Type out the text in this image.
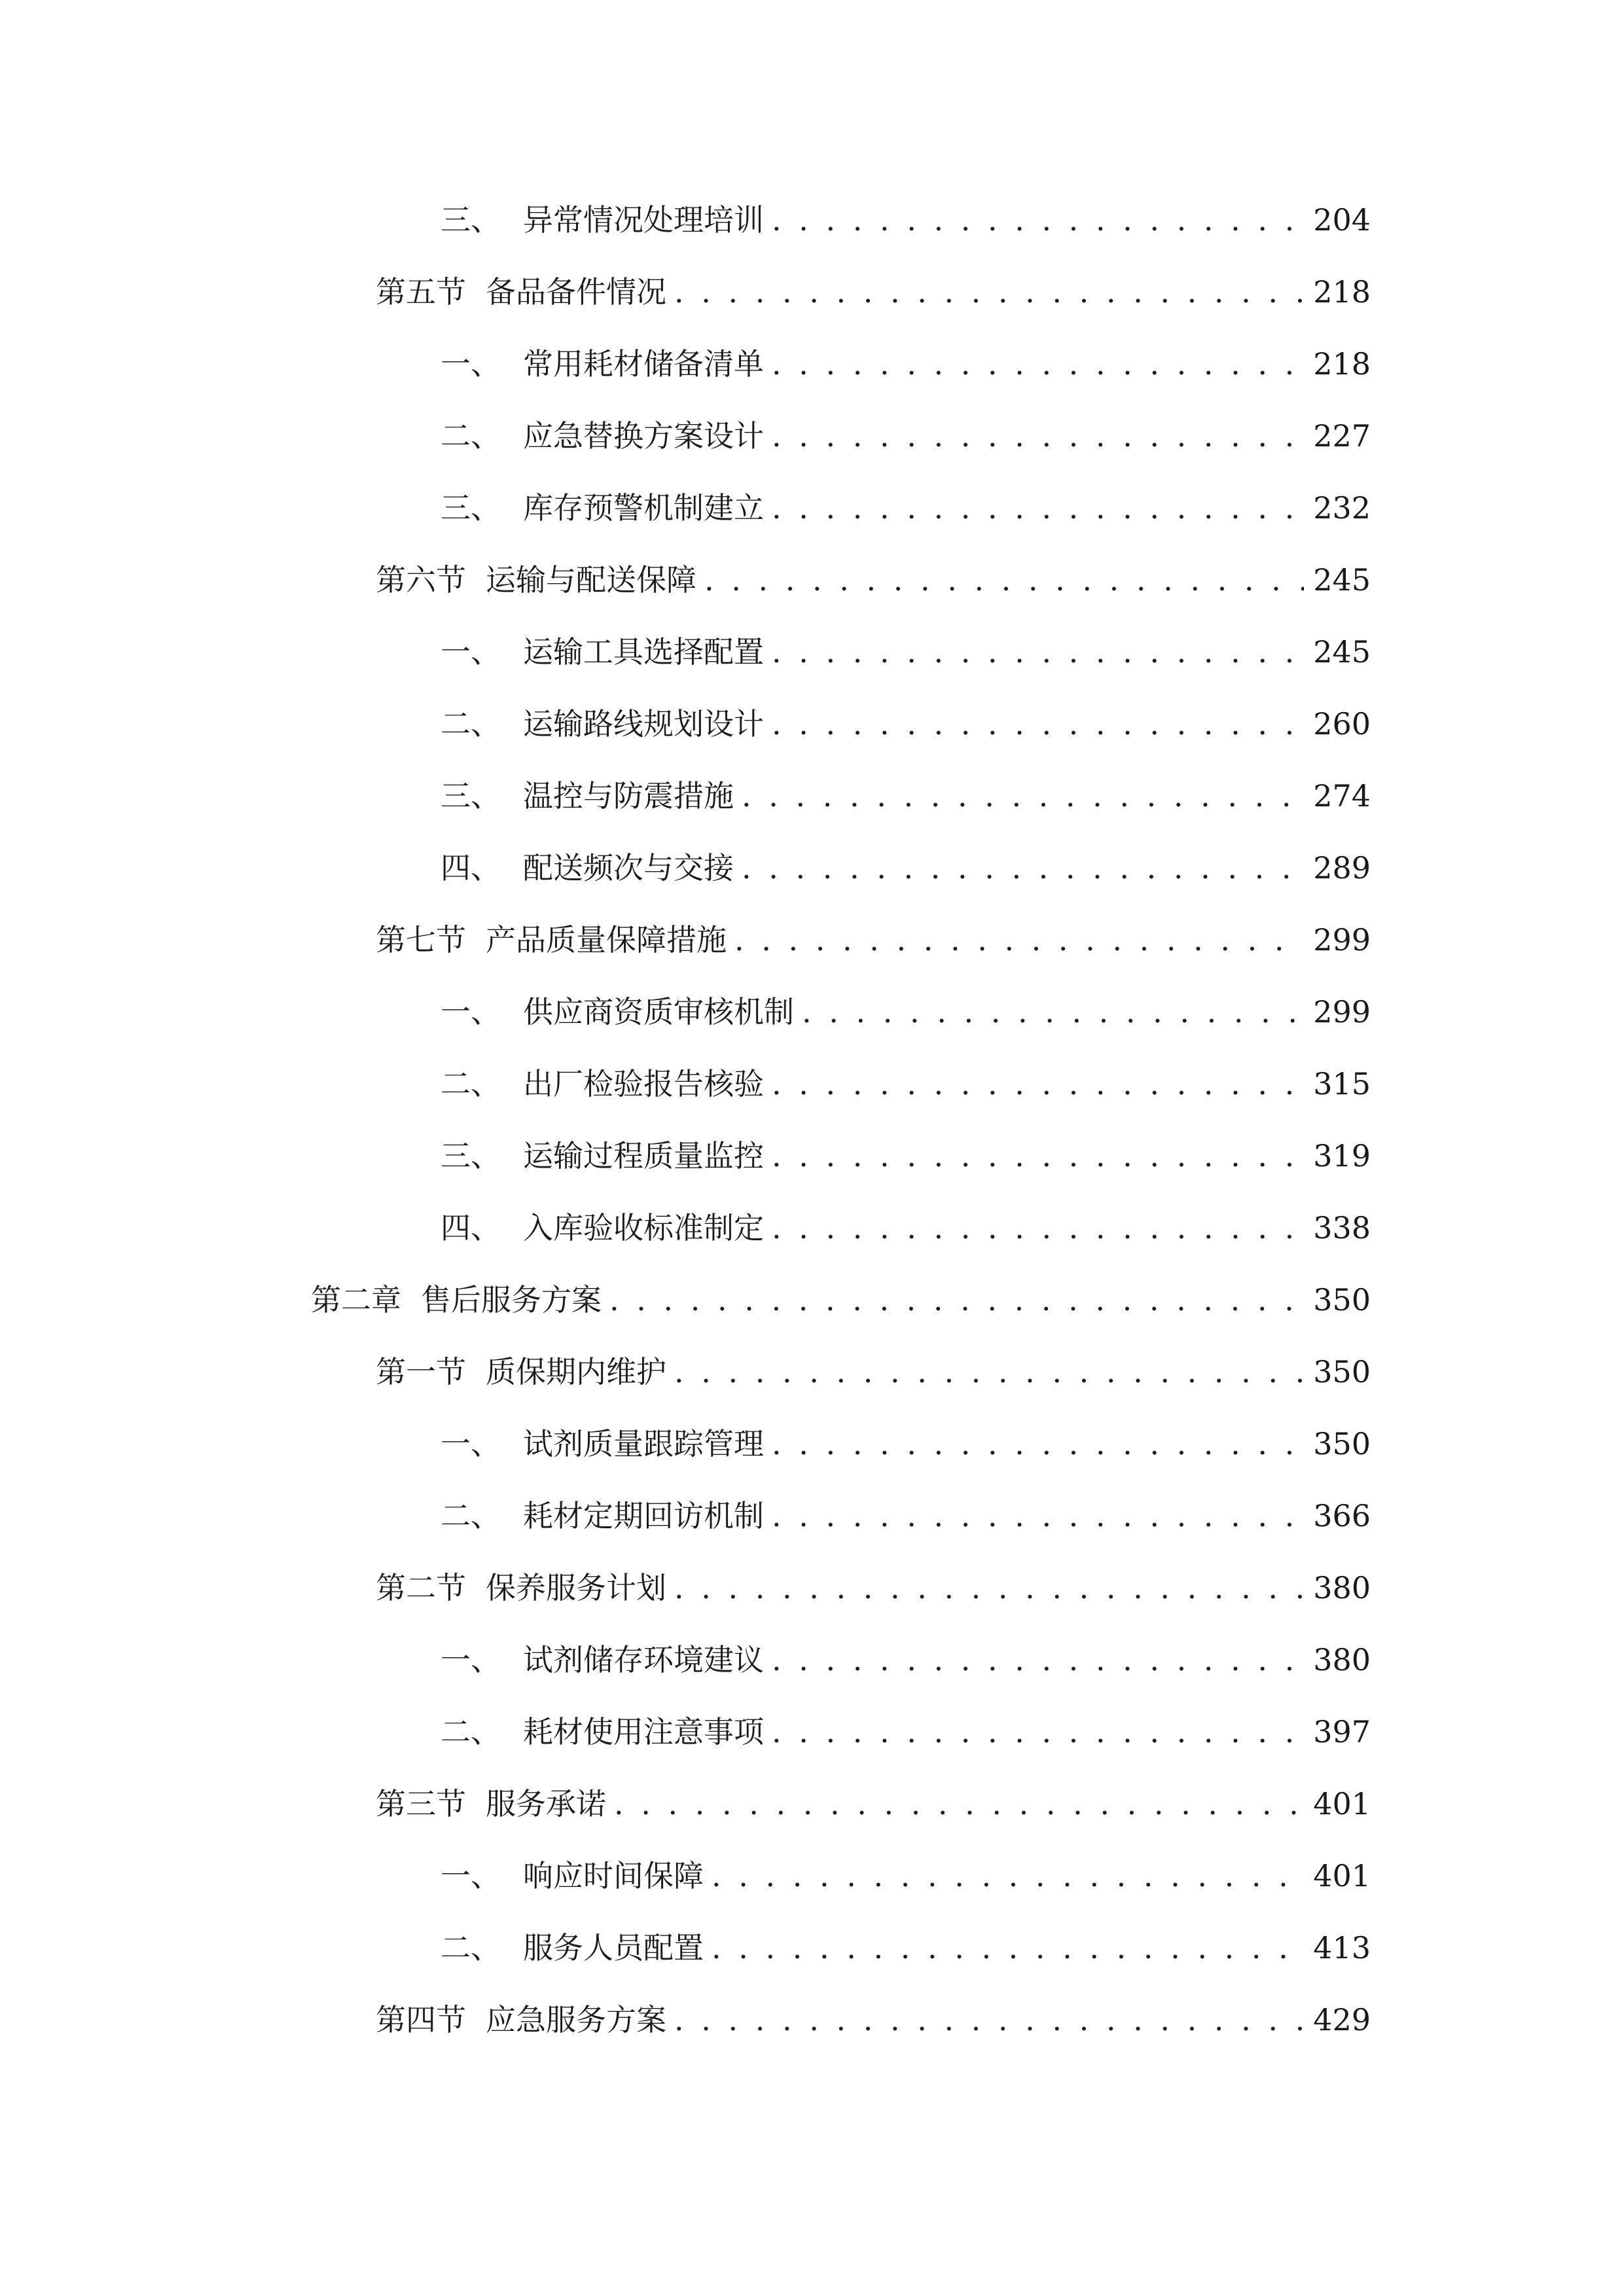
三、 异常情况处理培训 . . .	204
第五节 备品备件情况 . . .	218
一、 常用耗材储备清单 . . .	218
二、 应急替换方案设计 . . .	227
三、 库存预警机制建立 . . .	232
第六节 运输与配送保障 . . .	245
一、 运输工具选择配置 . . .	245
二、 运输路线规划设计 . . .	260
三、 温控与防震措施 . . .	274
四、 配送频次与交接 . . .	289
第七节 产品质量保障措施 . . .	299
一、 供应商资质审核机制 . . .	299
二、 出厂检验报告核验 . . .	315
三、 运输过程质量监控 . . .	319
四、 入库验收标准制定 . . .	338
第二章 售后服务方案 . . .	350
第一节 质保期内维护 . . .	350
一、 试剂质量跟踪管理 . . .	350
二、 耗材定期回访机制 . . .	366
第二节 保养服务计划 . . .	380
一、 试剂储存环境建议 . . .	380
二、 耗材使用注意事项 . . .	397
第三节 服务承诺 . . .	401
一、 响应时间保障 . . .	401
二、 服务人员配置 . . .	413
第四节 应急服务方案 . . .	429
